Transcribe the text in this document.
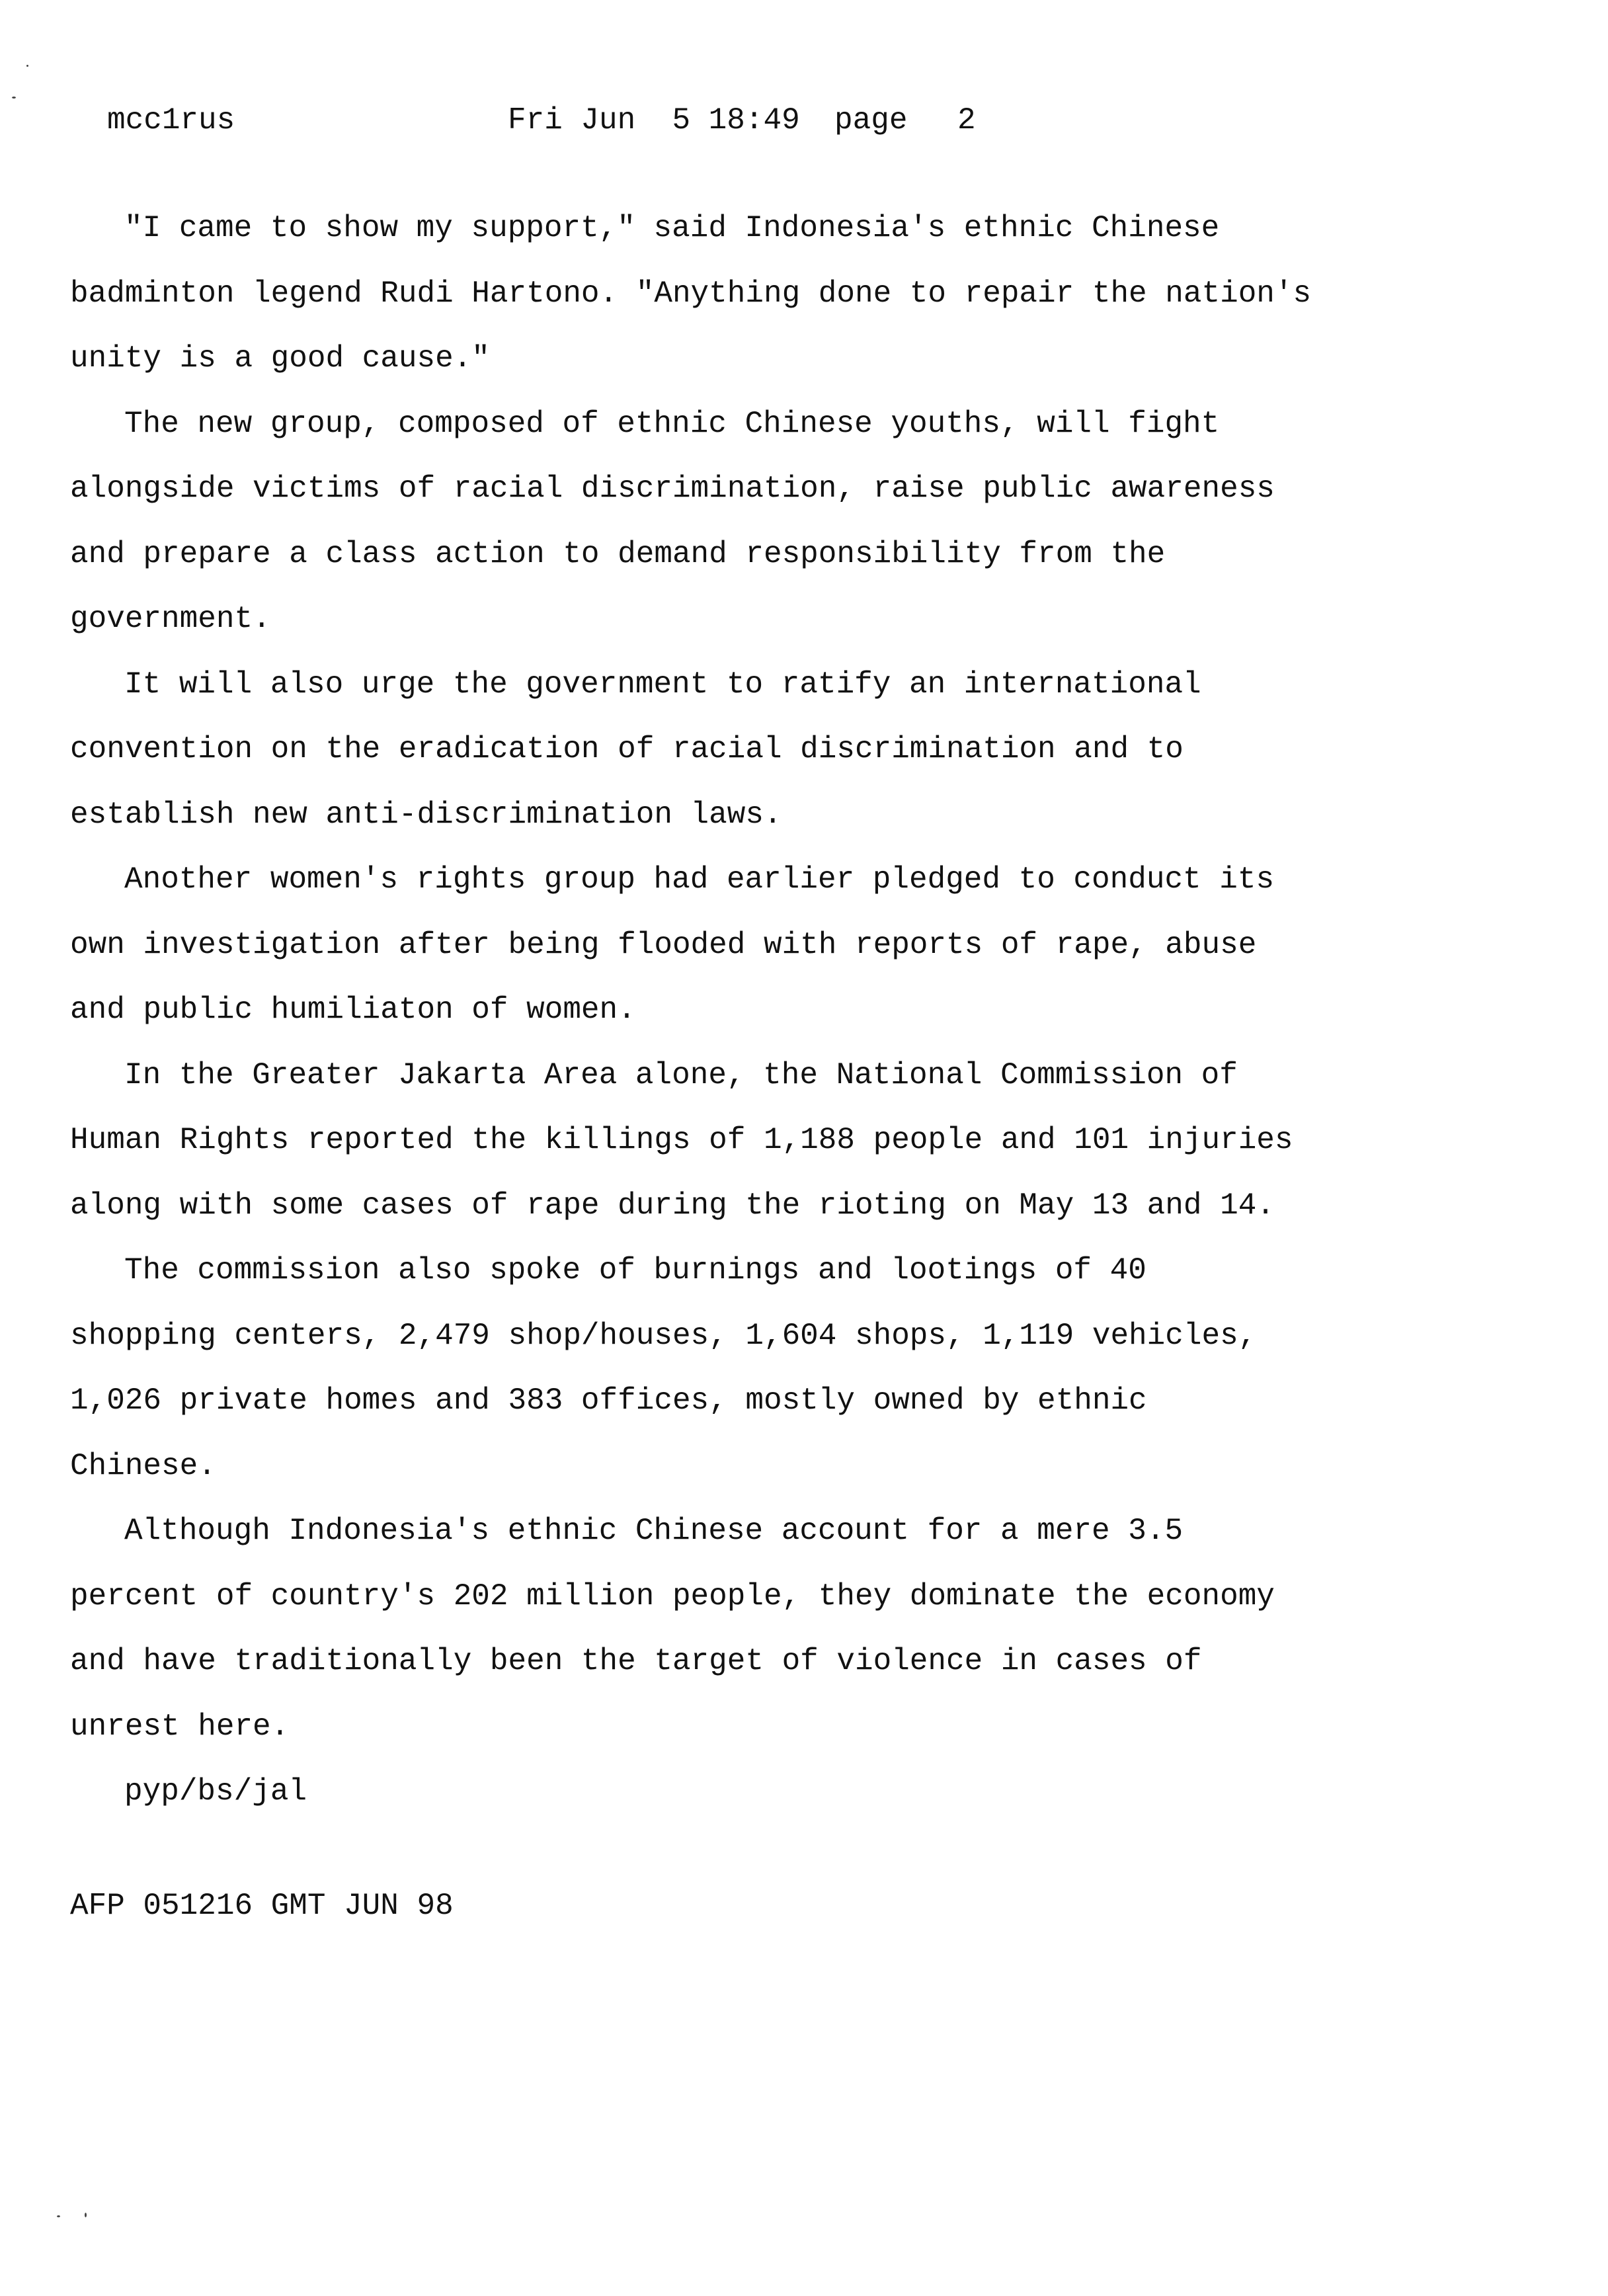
mcc1rus

	Fri Jun  5 18:49

page

2

"I came to show my support," said Indonesia's ethnic Chinese
badminton legend Rudi Hartono. "Anything done to repair the nation's
unity is a good cause."

The new group, composed of ethnic Chinese youths, will fight
alongside victims of racial discrimination, raise public awareness
and prepare a class action to demand responsibility from the
government.

It will also urge the government to ratify an international
convention on the eradication of racial discrimination and to
establish new anti-discrimination laws.

Another women's rights group had earlier pledged to conduct its
own investigation after being flooded with reports of rape, abuse
and public humiliaton of women.

In the Greater Jakarta Area alone, the National Commission of
Human Rights reported the killings of 1,188 people and 101 injuries
along with some cases of rape during the rioting on May 13 and 14.

The commission also spoke of burnings and lootings of 40
shopping centers, 2,479 shop/houses, 1,604 shops, 1,119 vehicles,
1,026 private homes and 383 offices, mostly owned by ethnic
Chinese.

Although Indonesia's ethnic Chinese account for a mere 3.5
percent of country's 202 million people, they dominate the economy
and have traditionally been the target of violence in cases of
unrest here.

pyp/bs/jal

AFP 051216 GMT JUN 98
